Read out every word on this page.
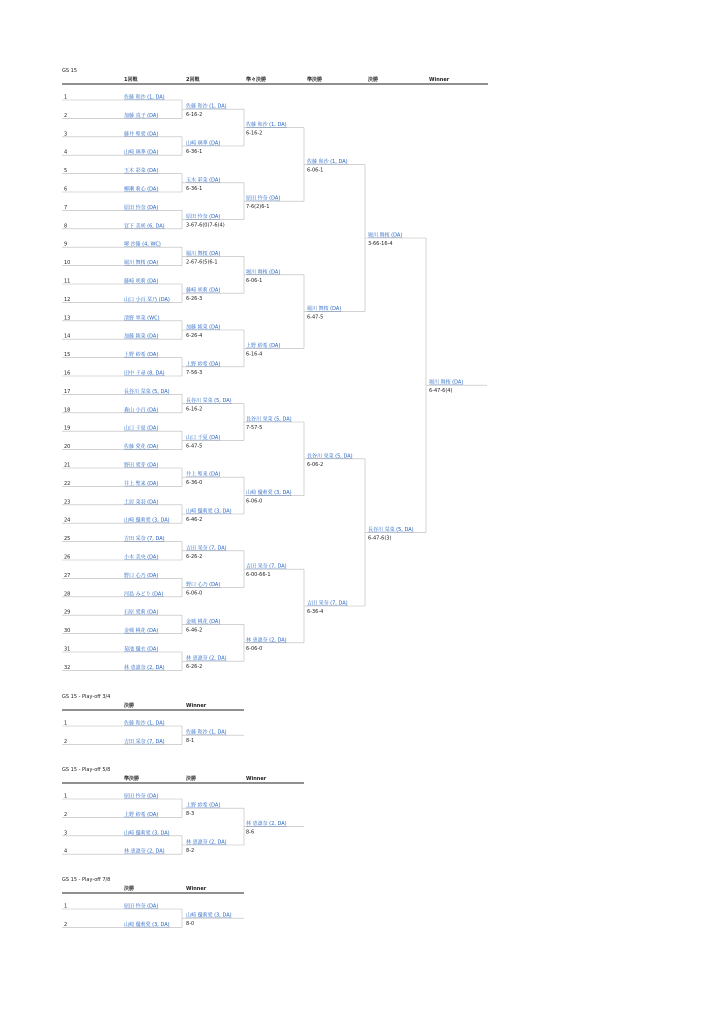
GS 15
1回戦	2回戦	準々決勝	準決勝	決勝	Winner
1	佐藤 和沙 (1, DA)
2	加藤 真子 (DA)
3	藤井 聖愛 (DA)
4	山崎 璃華 (DA)
5	玉木 彩菜 (DA)
6	柳瀬 莉心 (DA)
7	原田 怜奈 (DA)
8	宮下 美咲 (6, DA)
9	堺 沙羅 (4, WC)
10	堀川 舞桜 (DA)
11	藤崎 咲莉 (DA)
12	山口 小百 栞乃 (DA)
13	清野 寧菜 (WC)
14	加藤 綾菜 (DA)
15	上野 紗希 (DA)
16	田中 千尋 (8, DA)
17	長谷川 栞菜 (5, DA)
18	森山 小百 (DA)
19	山口 千夏 (DA)
20	佐藤 愛花 (DA)
21	野田 愛芽 (DA)
22	井上 聖来 (DA)
23	土居 菜羽 (DA)
24	山崎 優莉愛 (3, DA)
25	吉田 采奈 (7, DA)
26	小木 美央 (DA)
27	野口 心乃 (DA)
28	河島 みどり (DA)
29	石原 愛莉 (DA)
30	金城 桃花 (DA)
31	菊池 優衣 (DA)
32	林 恵凛奈 (2, DA)
佐藤 和沙 (1, DA)
6-16-2
山崎 璃華 (DA)
6-36-1
玉木 彩菜 (DA)
6-36-1
原田 怜奈 (DA)
3-67-6(0)7-6(4)
堀川 舞桜 (DA)
2-67-6(5)6-1
藤崎 咲莉 (DA)
6-26-3
加藤 綾菜 (DA)
6-26-4
上野 紗希 (DA)
7-56-3
長谷川 栞菜 (5, DA)
6-16-2
山口 千夏 (DA)
6-47-5
井上 聖来 (DA)
6-36-0
山崎 優莉愛 (3, DA)
6-46-2
吉田 采奈 (7, DA)
6-26-2
野口 心乃 (DA)
6-06-0
金城 桃花 (DA)
6-46-2
林 恵凛奈 (2, DA)
6-26-2
佐藤 和沙 (1, DA)
6-16-2
原田 怜奈 (DA)
7-6(2)6-1
堀川 舞桜 (DA)
6-06-1
上野 紗希 (DA)
6-16-4
長谷川 栞菜 (5, DA)
7-57-5
山崎 優莉愛 (3, DA)
6-06-0
吉田 采奈 (7, DA)
6-00-66-1
林 恵凛奈 (2, DA)
6-06-0
佐藤 和沙 (1, DA)
6-06-1
堀川 舞桜 (DA)
6-47-5
長谷川 栞菜 (5, DA)
6-06-2
吉田 采奈 (7, DA)
6-36-4
堀川 舞桜 (DA)
3-66-16-4
長谷川 栞菜 (5, DA)
6-47-6(3)
堀川 舞桜 (DA)
6-47-6(4)
GS 15 - Play-off 3/4
決勝	Winner
1	佐藤 和沙 (1, DA)
2	吉田 采奈 (7, DA)
佐藤 和沙 (1, DA)
8-1
GS 15 - Play-off 5/8
準決勝	決勝	Winner
1	原田 怜奈 (DA)
2	上野 紗希 (DA)
3	山崎 優莉愛 (3, DA)
4	林 恵凛奈 (2, DA)
上野 紗希 (DA)
8-3
林 恵凛奈 (2, DA)
8-2
林 恵凛奈 (2, DA)
8-6
GS 15 - Play-off 7/8
決勝	Winner
1	原田 怜奈 (DA)
2	山崎 優莉愛 (3, DA)
山崎 優莉愛 (3, DA)
8-0
